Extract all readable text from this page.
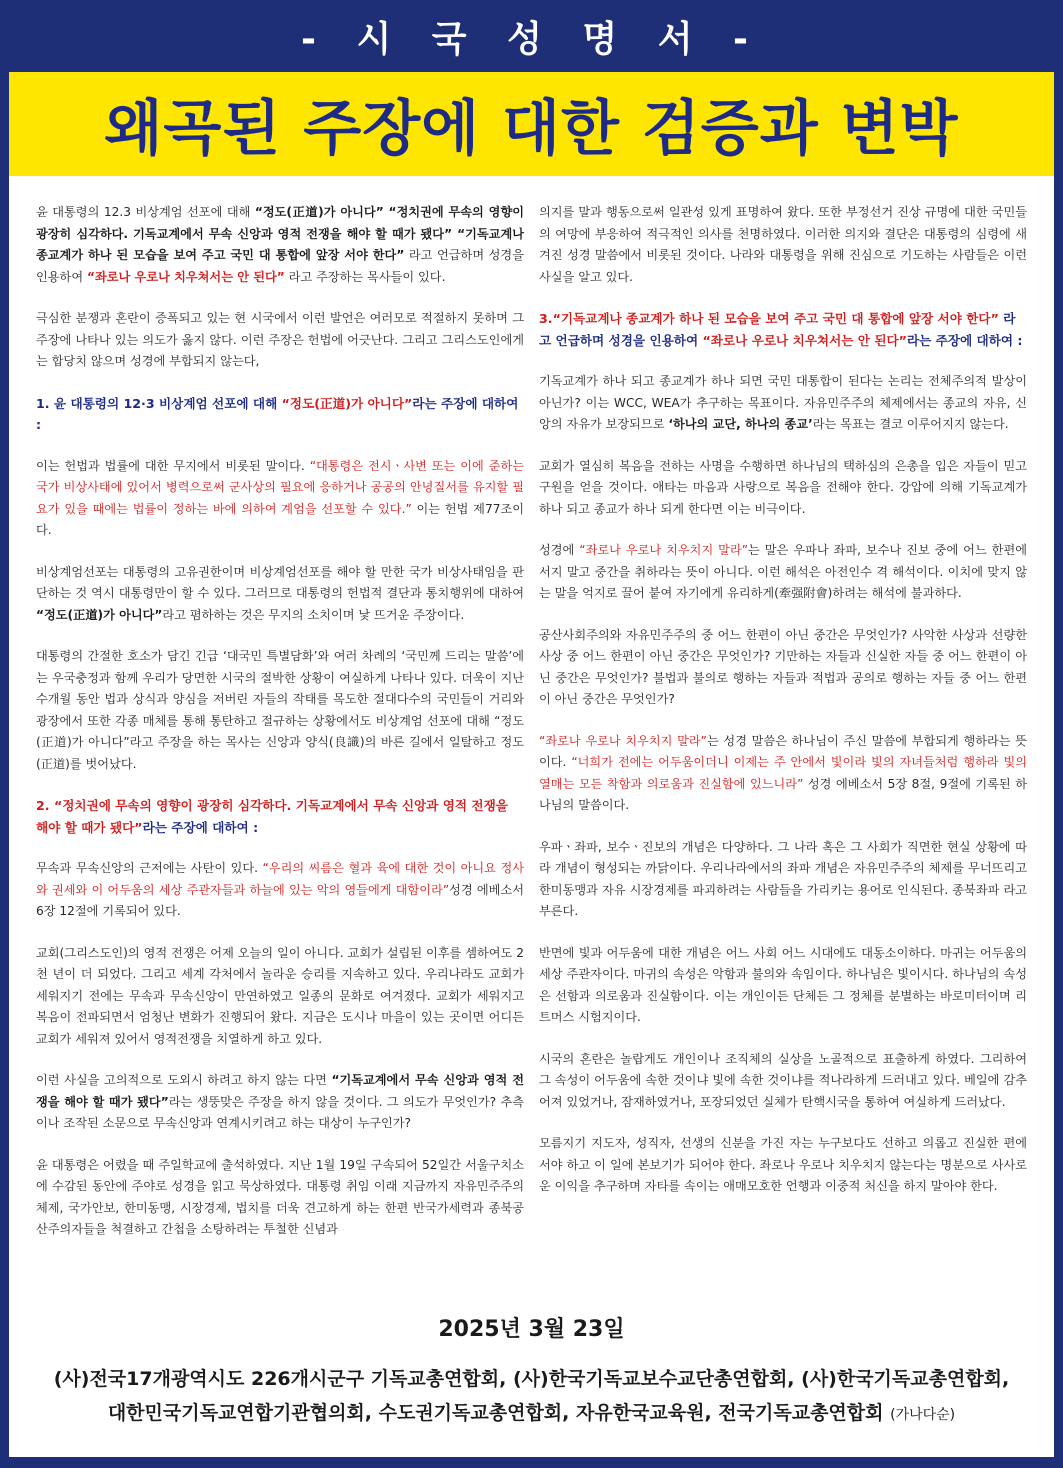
- 시 국 성 명 서 -
왜곡된 주장에 대한 검증과 변박

윤 대통령의 12.3 비상계엄 선포에 대해 “정도(正道)가 아니다” “정치권에 무속의 영향이 광장히 심각하다. 기독교계에서 무속 신앙과 영적 전쟁을 해야 할 때가 됐다” “기독교계나 종교계가 하나 된 모습을 보여 주고 국민 대 통합에 앞장 서야 한다” 라고 언급하며 성경을 인용하여 “좌로나 우로나 치우쳐서는 안 된다” 라고 주장하는 목사들이 있다.

극심한 분쟁과 혼란이 증폭되고 있는 현 시국에서 이런 발언은 여러모로 적절하지 못하며 그 주장에 나타나 있는 의도가 옳지 않다. 이런 주장은 헌법에 어긋난다. 그리고 그리스도인에게는 합당치 않으며 성경에 부합되지 않는다,

1. 윤 대통령의 12·3 비상계엄 선포에 대해 “정도(正道)가 아니다”라는 주장에 대하여 :

이는 헌법과 법률에 대한 무지에서 비롯된 말이다. “대통령은 전시ㆍ사변 또는 이에 준하는 국가 비상사태에 있어서 병력으로써 군사상의 필요에 응하거나 공공의 안녕질서를 유지할 필요가 있을 때에는 법률이 정하는 바에 의하여 계엄을 선포할 수 있다.” 이는 헌법 제77조이다.

비상계엄선포는 대통령의 고유권한이며 비상계엄선포를 해야 할 만한 국가 비상사태임을 판단하는 것 역시 대통령만이 할 수 있다. 그러므로 대통령의 헌법적 결단과 통치행위에 대하여 “정도(正道)가 아니다”라고 폄하하는 것은 무지의 소치이며 낯 뜨거운 주장이다.

대통령의 간절한 호소가 담긴 긴급 ‘대국민 특별담화’와 여러 차례의 ‘국민께 드리는 말씀’에는 우국충정과 함께 우리가 당면한 시국의 절박한 상황이 여실하게 나타나 있다. 더욱이 지난 수개월 동안 법과 상식과 양심을 저버린 자들의 작태를 목도한 절대다수의 국민들이 거리와 광장에서 또한 각종 매체를 통해 통탄하고 절규하는 상황에서도 비상계엄 선포에 대해 “정도(正道)가 아니다”라고 주장을 하는 목사는 신앙과 양식(良識)의 바른 길에서 일탈하고 정도(正道)를 벗어났다.

2. “정치권에 무속의 영향이 광장히 심각하다. 기독교계에서 무속 신앙과 영적 전쟁을 해야 할 때가 됐다”라는 주장에 대하여 :

무속과 무속신앙의 근저에는 사탄이 있다. “우리의 씨름은 혈과 육에 대한 것이 아니요 정사와 권세와 이 어두움의 세상 주관자들과 하늘에 있는 악의 영들에게 대함이라”성경 에베소서 6장 12절에 기록되어 있다.

교회(그리스도인)의 영적 전쟁은 어제 오늘의 일이 아니다. 교회가 설립된 이후를 셈하여도 2천 년이 더 되었다. 그리고 세계 각처에서 놀라운 승리를 지속하고 있다. 우리나라도 교회가 세워지기 전에는 무속과 무속신앙이 만연하였고 일종의 문화로 여겨졌다. 교회가 세워지고 복음이 전파되면서 엄청난 변화가 진행되어 왔다. 지금은 도시나 마을이 있는 곳이면 어디든 교회가 세워져 있어서 영적전쟁을 치열하게 하고 있다.

이런 사실을 고의적으로 도외시 하려고 하지 않는 다면 “기독교계에서 무속 신앙과 영적 전쟁을 해야 할 때가 됐다”라는 생뚱맞은 주장을 하지 않을 것이다. 그 의도가 무엇인가? 추측이나 조작된 소문으로 무속신앙과 연계시키려고 하는 대상이 누구인가?

윤 대통령은 어렸을 때 주일학교에 출석하였다. 지난 1월 19일 구속되어 52일간 서울구치소에 수감된 동안에 주야로 성경을 읽고 묵상하였다. 대통령 취임 이래 지금까지 자유민주주의체제, 국가안보, 한미동맹, 시장경제, 법치를 더욱 견고하게 하는 한편 반국가세력과 종북공산주의자들을 척결하고 간첩을 소탕하려는 투철한 신념과

의지를 말과 행동으로써 일관성 있게 표명하여 왔다. 또한 부정선거 진상 규명에 대한 국민들의 여망에 부응하여 적극적인 의사를 천명하였다. 이러한 의지와 결단은 대통령의 심령에 새겨진 성경 말씀에서 비롯된 것이다. 나라와 대통령을 위해 진심으로 기도하는 사람들은 이런 사실을 알고 있다.

3.“기독교계나 종교계가 하나 된 모습을 보여 주고 국민 대 통합에 앞장 서야 한다” 라고 언급하며 성경을 인용하여 “좌로나 우로나 치우쳐서는 안 된다”라는 주장에 대하여 :

기독교계가 하나 되고 종교계가 하나 되면 국민 대통합이 된다는 논리는 전체주의적 발상이 아닌가? 이는 WCC, WEA가 추구하는 목표이다. 자유민주주의 체제에서는 종교의 자유, 신앙의 자유가 보장되므로 ‘하나의 교단, 하나의 종교’라는 목표는 결코 이루어지지 않는다.

교회가 열심히 복음을 전하는 사명을 수행하면 하나님의 택하심의 은총을 입은 자들이 믿고 구원을 얻을 것이다. 애타는 마음과 사랑으로 복음을 전해야 한다. 강압에 의해 기독교계가 하나 되고 종교가 하나 되게 한다면 이는 비극이다.

성경에 “좌로나 우로나 치우치지 말라”는 말은 우파나 좌파, 보수나 진보 중에 어느 한편에 서지 말고 중간을 취하라는 뜻이 아니다. 이런 해석은 아전인수 격 해석이다. 이치에 맞지 않는 말을 억지로 끌어 붙여 자기에게 유리하게(牽强附會)하려는 해석에 불과하다.

공산사회주의와 자유민주주의 중 어느 한편이 아닌 중간은 무엇인가? 사악한 사상과 선량한 사상 중 어느 한편이 아닌 중간은 무엇인가? 기만하는 자들과 신실한 자들 중 어느 한편이 아닌 중간은 무엇인가? 불법과 불의로 행하는 자들과 적법과 공의로 행하는 자들 중 어느 한편이 아닌 중간은 무엇인가?

“좌로나 우로나 치우치지 말라”는 성경 말씀은 하나님이 주신 말씀에 부합되게 행하라는 뜻이다. “너희가 전에는 어두움이더니 이제는 주 안에서 빛이라 빛의 자녀들처럼 행하라 빛의 열매는 모든 착함과 의로움과 진실함에 있느니라” 성경 에베소서 5장 8절, 9절에 기록된 하나님의 말씀이다.

우파ㆍ좌파, 보수ㆍ진보의 개념은 다양하다. 그 나라 혹은 그 사회가 직면한 현실 상황에 따라 개념이 형성되는 까닭이다. 우리나라에서의 좌파 개념은 자유민주주의 체제를 무너뜨리고 한미동맹과 자유 시장경제를 파괴하려는 사람들을 가리키는 용어로 인식된다. 종북좌파 라고 부른다.

반면에 빛과 어두움에 대한 개념은 어느 사회 어느 시대에도 대동소이하다. 마귀는 어두움의 세상 주관자이다. 마귀의 속성은 악함과 불의와 속임이다. 하나님은 빛이시다. 하나님의 속성은 선함과 의로움과 진실함이다. 이는 개인이든 단체든 그 정체를 분별하는 바로미터이며 리트머스 시험지이다.

시국의 혼란은 놀랍게도 개인이나 조직체의 실상을 노골적으로 표출하게 하였다. 그리하여 그 속성이 어두움에 속한 것이냐 빛에 속한 것이냐를 적나라하게 드러내고 있다. 베일에 감추어져 있었거나, 잠재하였거나, 포장되었던 실체가 탄핵시국을 통하여 여실하게 드러났다.

모름지기 지도자, 성직자, 선생의 신분을 가진 자는 누구보다도 선하고 의롭고 진실한 편에 서야 하고 이 일에 본보기가 되어야 한다. 좌로나 우로나 치우치지 않는다는 명분으로 사사로운 이익을 추구하며 자타를 속이는 애매모호한 언행과 이중적 처신을 하지 말아야 한다.

2025년 3월 23일
(사)전국17개광역시도 226개시군구 기독교총연합회, (사)한국기독교보수교단총연합회, (사)한국기독교총연합회,
대한민국기독교연합기관협의회, 수도권기독교총연합회, 자유한국교육원, 전국기독교총연합회 (가나다순)
